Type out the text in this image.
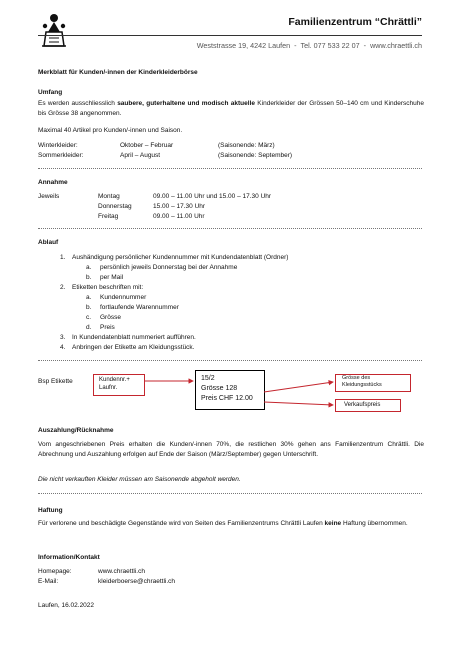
Familienzentrum “Chrättli”
Weststrasse 19, 4242 Laufen - Tel. 077 533 22 07 - www.chraettli.ch
Merkblatt für Kunden/-innen der Kinderkleiderbörse
Umfang
Es werden ausschliesslich saubere, guterhaltene und modisch aktuelle Kinderkleider der Grössen 50–140 cm und Kinderschuhe bis Grösse 38 angenommen.
Maximal 40 Artikel pro Kunden/-innen und Saison.
Winterkleider:	Oktober – Februar	(Saisonende: März)
Sommerkleider:	April – August	(Saisonende: September)
Annahme
Jeweils	Montag	09.00 – 11.00 Uhr und 15.00 – 17.30 Uhr
Donnerstag	15.00 – 17.30 Uhr
Freitag	09.00 – 11.00 Uhr
Ablauf
1. Aushändigung persönlicher Kundennummer mit Kundendatenblatt (Ordner)
a. persönlich jeweils Donnerstag bei der Annahme
b. per Mail
2. Etiketten beschriften mit:
a. Kundennummer
b. fortlaufende Warennummer
c. Grösse
d. Preis
3. In Kundendatenblatt nummeriert aufführen.
4. Anbringen der Etikette am Kleidungsstück.
Bsp Etikette	Kundennr.+
Laufnr.
15/2
Grösse 128
Preis CHF 12.00
Grösse des
Kleidungsstücks
Verkaufspreis
Auszahlung/Rücknahme
Vom angeschriebenen Preis erhalten die Kunden/-innen 70%, die restlichen 30% gehen ans Familienzentrum Chrättli. Die Abrechnung und Auszahlung erfolgen auf Ende der Saison (März/September) gegen Unterschrift.
Die nicht verkauften Kleider müssen am Saisonende abgeholt werden.
Haftung
Für verlorene und beschädigte Gegenstände wird von Seiten des Familienzentrums Chrättli Laufen keine Haftung übernommen.
Information/Kontakt
Homepage:	www.chraettli.ch
E-Mail:	kleiderboerse@chraettli.ch
Laufen, 16.02.2022
